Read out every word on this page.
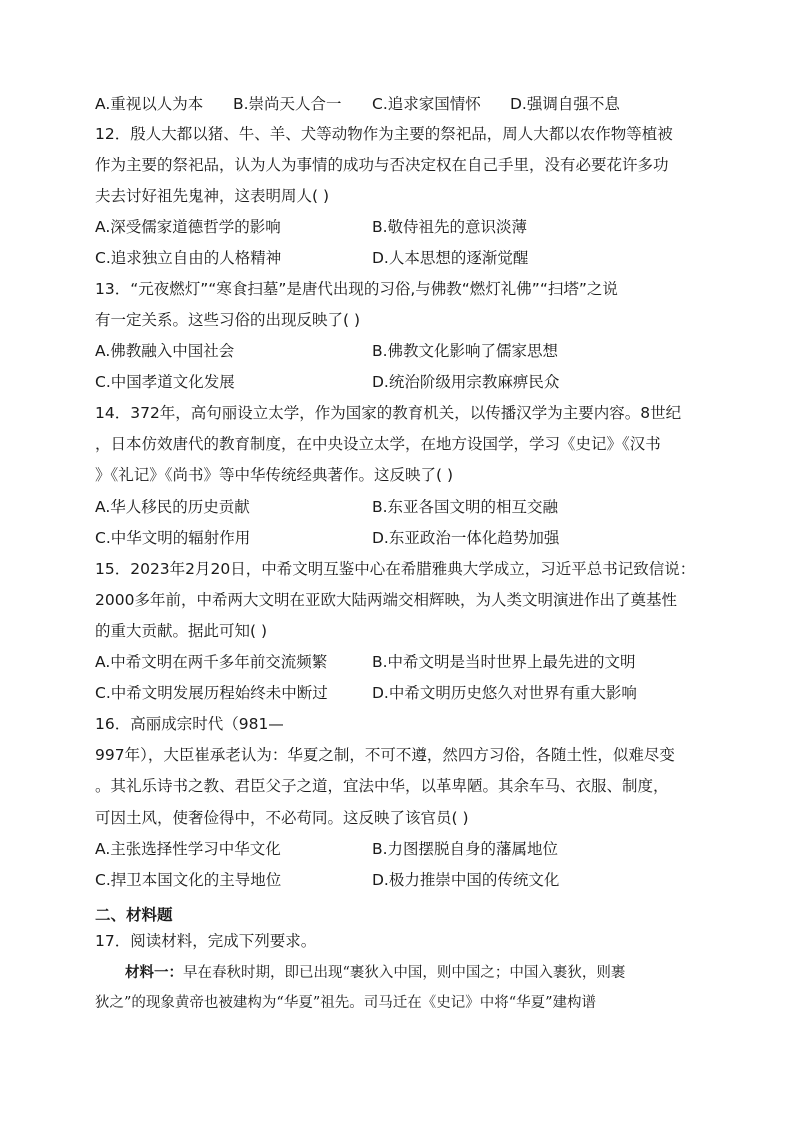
A.重视以人为本 B.崇尚天人合一 C.追求家国情怀 D.强调自强不息
12．殷人大都以猪、牛、羊、犬等动物作为主要的祭祀品，周人大都以农作物等植被
作为主要的祭祀品，认为人为事情的成功与否决定权在自己手里，没有必要花许多功
夫去讨好祖先鬼神，这表明周人( )
A.深受儒家道德哲学的影响	B.敬侍祖先的意识淡薄
C.追求独立自由的人格精神	D.人本思想的逐渐觉醒
13．“元夜燃灯”“寒食扫墓”是唐代出现的习俗,与佛教“燃灯礼佛”“扫塔”之说
有一定关系。这些习俗的出现反映了( )
A.佛教融入中国社会	B.佛教文化影响了儒家思想
C.中国孝道文化发展	D.统治阶级用宗教麻痹民众
14．372年，高句丽设立太学，作为国家的教育机关，以传播汉学为主要内容。8世纪
，日本仿效唐代的教育制度，在中央设立太学，在地方设国学，学习《史记》《汉书
》《礼记》《尚书》等中华传统经典著作。这反映了( )
A.华人移民的历史贡献	B.东亚各国文明的相互交融
C.中华文明的辐射作用	D.东亚政治一体化趋势加强
15．2023年2月20日，中希文明互鉴中心在希腊雅典大学成立，习近平总书记致信说：
2000多年前，中希两大文明在亚欧大陆两端交相辉映，为人类文明演进作出了奠基性
的重大贡献。据此可知( )
A.中希文明在两千多年前交流频繁	B.中希文明是当时世界上最先进的文明
C.中希文明发展历程始终未中断过	D.中希文明历史悠久对世界有重大影响
16．高丽成宗时代（981—
997年），大臣崔承老认为：华夏之制，不可不遵，然四方习俗，各随土性，似难尽变
。其礼乐诗书之教、君臣父子之道，宜法中华，以革卑陋。其余车马、衣服、制度，
可因土风，使奢俭得中，不必苟同。这反映了该官员( )
A.主张选择性学习中华文化	B.力图摆脱自身的藩属地位
C.捍卫本国文化的主导地位	D.极力推崇中国的传统文化
二、材料题
17．阅读材料，完成下列要求。
材料一：早在春秋时期，即已出现“裹狄入中国，则中国之；中国入裹狄，则裹
狄之”的现象黄帝也被建构为“华夏”祖先。司马迁在《史记》中将“华夏”建构谱
